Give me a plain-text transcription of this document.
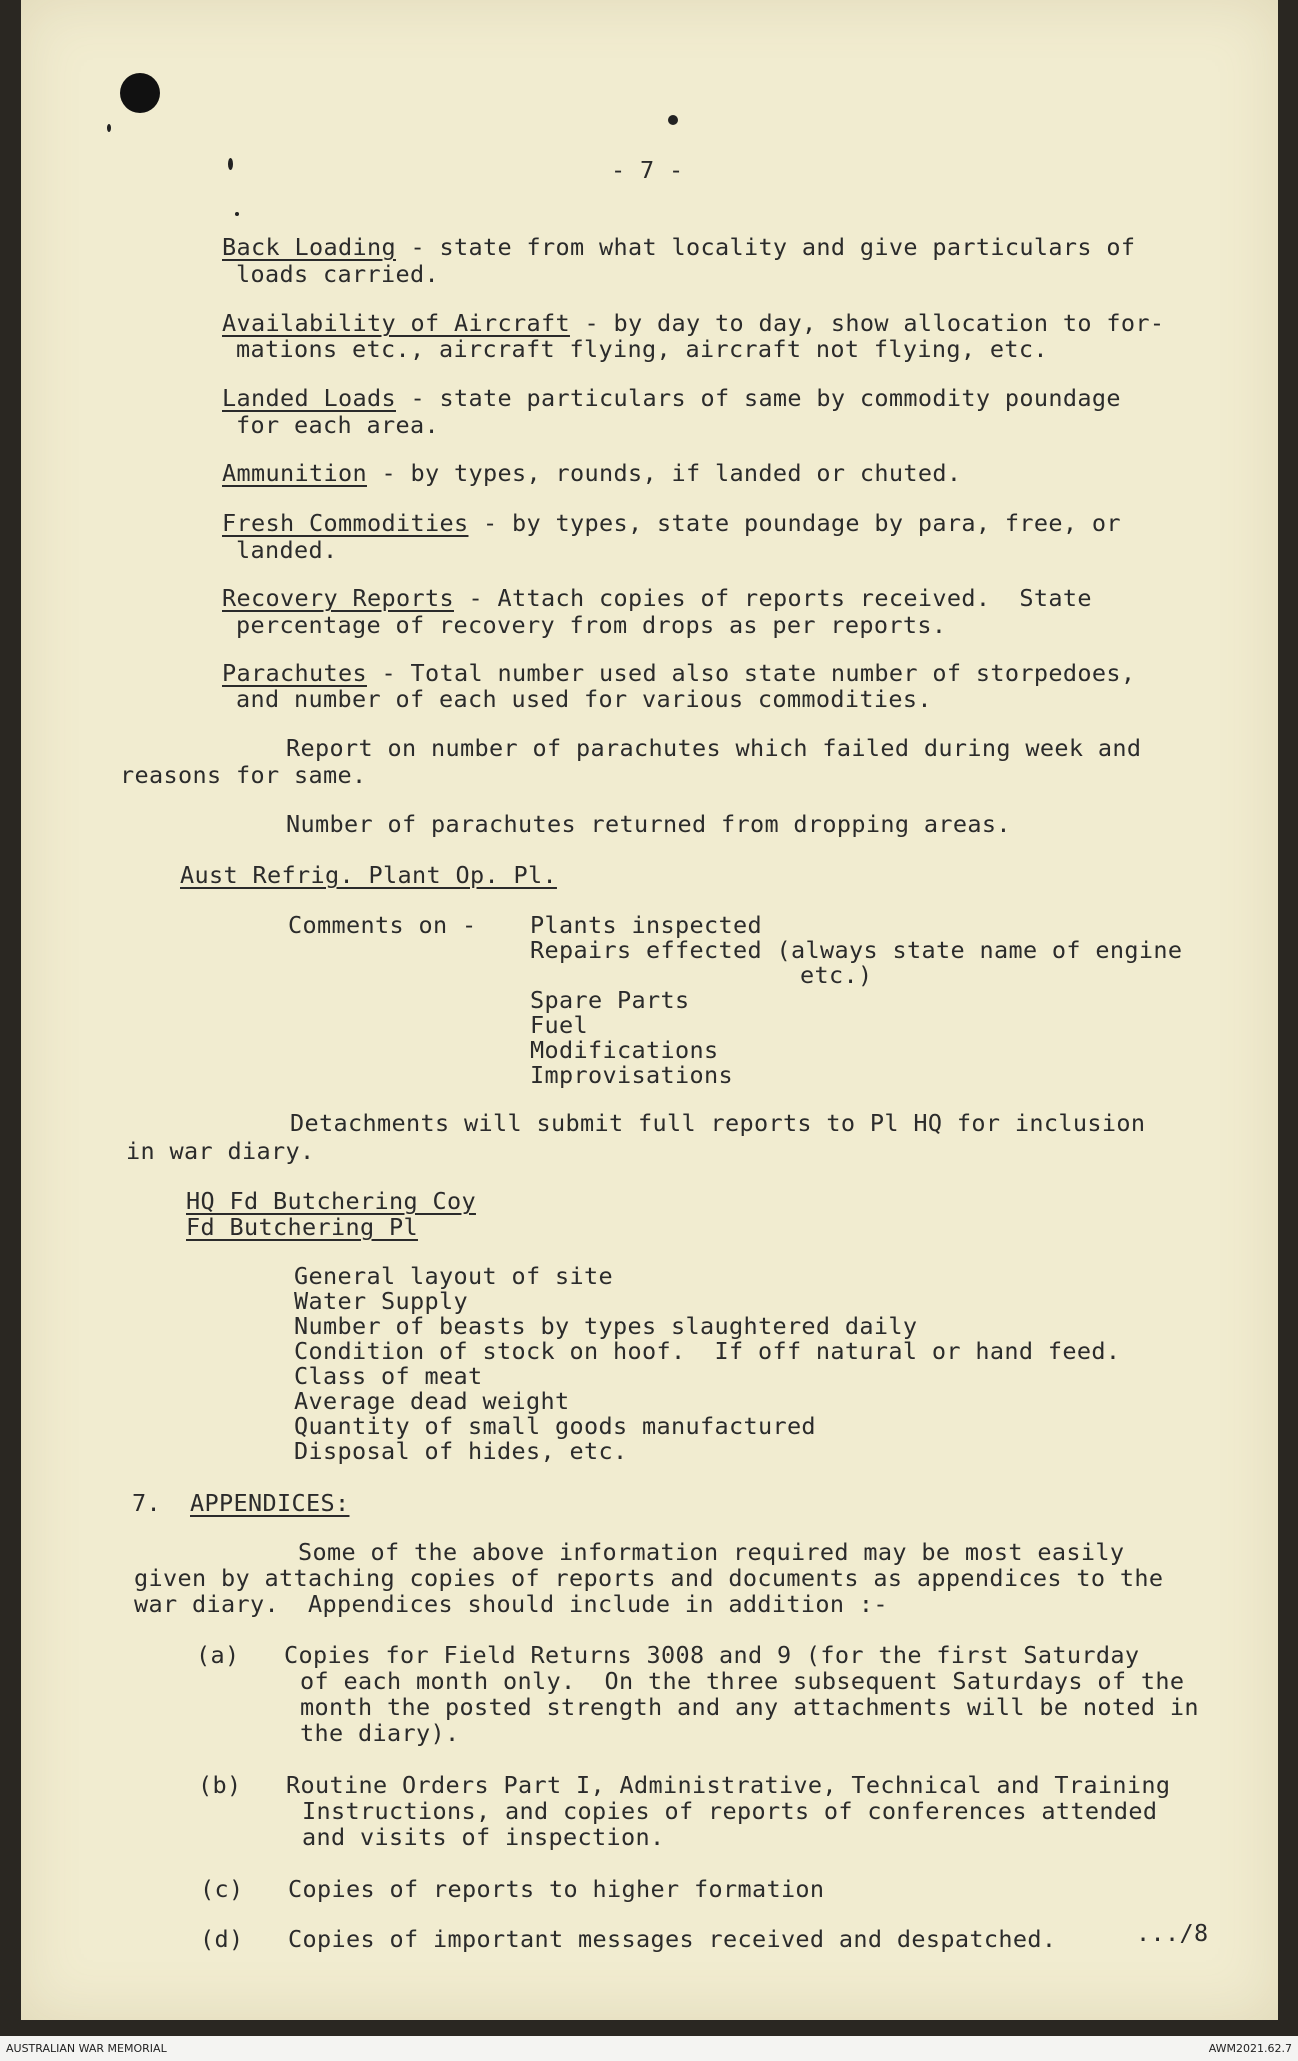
- 7 -
Back Loading - state from what locality and give particulars of
loads carried.
Availability of Aircraft - by day to day, show allocation to for-
mations etc., aircraft flying, aircraft not flying, etc.
Landed Loads - state particulars of same by commodity poundage
for each area.
Ammunition - by types, rounds, if landed or chuted.
Fresh Commodities - by types, state poundage by para, free, or
landed.
Recovery Reports - Attach copies of reports received.  State
percentage of recovery from drops as per reports.
Parachutes - Total number used also state number of storpedoes,
and number of each used for various commodities.
Report on number of parachutes which failed during week and
reasons for same.
Number of parachutes returned from dropping areas.
Aust Refrig. Plant Op. Pl.
Comments on - Plants inspected
Repairs effected (always state name of engine
etc.)
Spare Parts
Fuel
Modifications
Improvisations
Detachments will submit full reports to Pl HQ for inclusion
in war diary.
HQ Fd Butchering Coy
Fd Butchering Pl
General layout of site
Water Supply
Number of beasts by types slaughtered daily
Condition of stock on hoof.  If off natural or hand feed.
Class of meat
Average dead weight
Quantity of small goods manufactured
Disposal of hides, etc.
7. APPENDICES:
Some of the above information required may be most easily
given by attaching copies of reports and documents as appendices to the
war diary.  Appendices should include in addition :-
(a) Copies for Field Returns 3008 and 9 (for the first Saturday
of each month only.  On the three subsequent Saturdays of the
month the posted strength and any attachments will be noted in
the diary).
(b) Routine Orders Part I, Administrative, Technical and Training
Instructions, and copies of reports of conferences attended
and visits of inspection.
(c) Copies of reports to higher formation
(d) Copies of important messages received and despatched.	.../8
AUSTRALIAN WAR MEMORIAL	AWM2021.62.7
